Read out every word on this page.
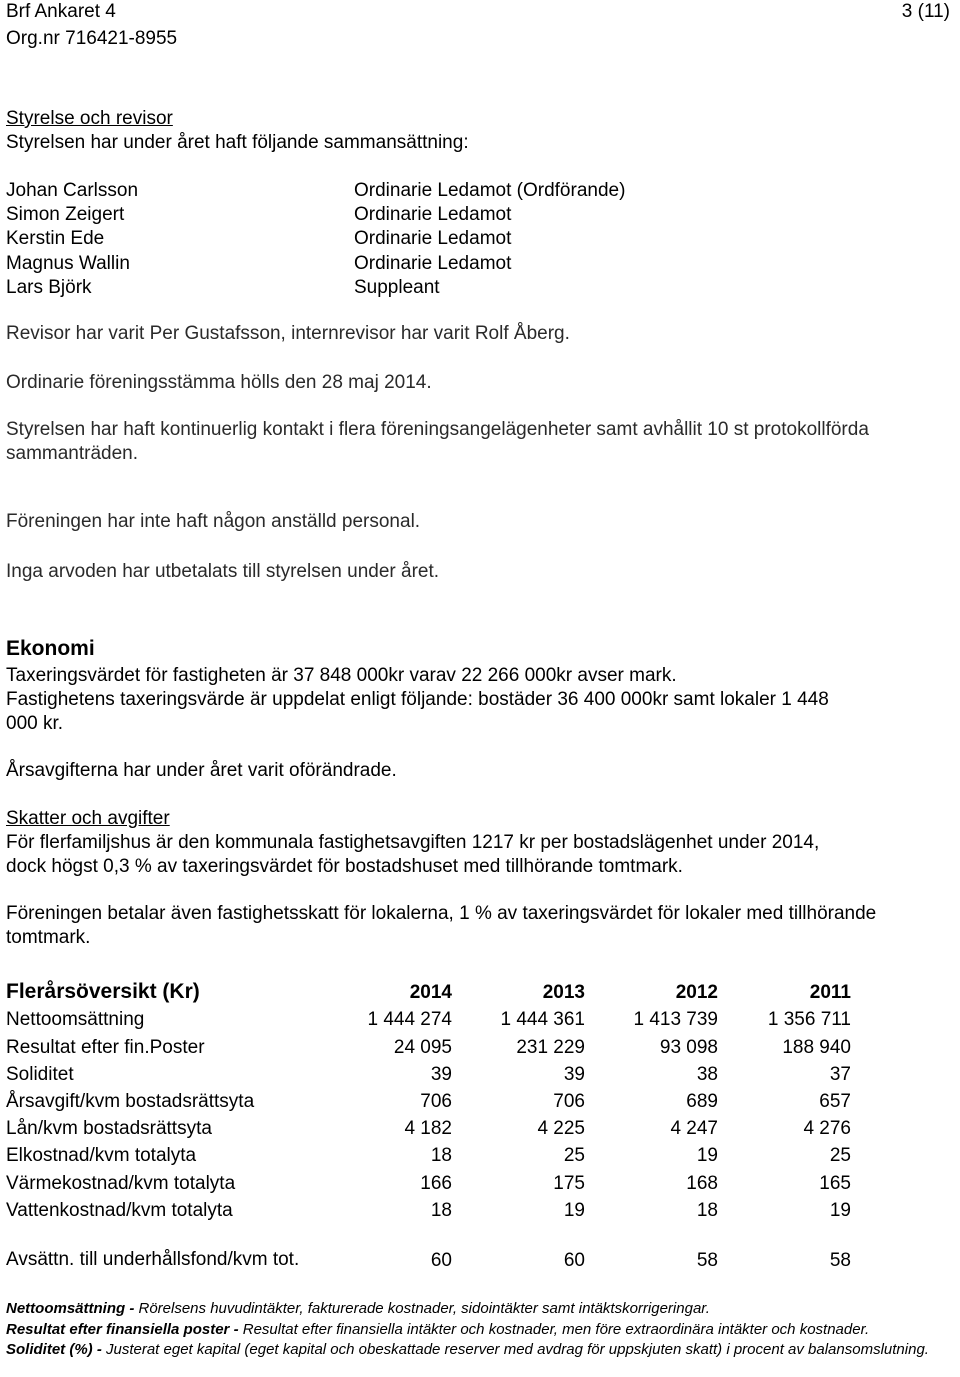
Brf Ankaret 4	3 (11)
Org.nr 716421-8955
Styrelse och revisor
Styrelsen har under året haft följande sammansättning:
Johan Carlsson	Ordinarie Ledamot (Ordförande)
Simon Zeigert	Ordinarie Ledamot
Kerstin Ede	Ordinarie Ledamot
Magnus Wallin	Ordinarie Ledamot
Lars Björk	Suppleant
Revisor har varit Per Gustafsson, internrevisor har varit Rolf Åberg.
Ordinarie föreningsstämma hölls den 28 maj 2014.
Styrelsen har haft kontinuerlig kontakt i flera föreningsangelägenheter samt avhållit 10 st protokollförda sammanträden.
Föreningen har inte haft någon anställd personal.
Inga arvoden har utbetalats till styrelsen under året.
Ekonomi
Taxeringsvärdet för fastigheten är 37 848 000kr varav 22 266 000kr avser mark.
Fastighetens taxeringsvärde är uppdelat enligt följande: bostäder 36 400 000kr samt lokaler 1 448 000 kr.
Årsavgifterna har under året varit oförändrade.
Skatter och avgifter
För flerfamiljshus är den kommunala fastighetsavgiften 1217 kr per bostadslägenhet under 2014, dock högst 0,3 % av taxeringsvärdet för bostadshuset med tillhörande tomtmark.
Föreningen betalar även fastighetsskatt för lokalerna, 1 % av taxeringsvärdet för lokaler med tillhörande tomtmark.
Flerårsöversikt (Kr)	2014	2013	2012	2011
Nettoomsättning	1 444 274	1 444 361	1 413 739	1 356 711
Resultat efter fin.Poster	24 095	231 229	93 098	188 940
Soliditet	39	39	38	37
Årsavgift/kvm bostadsrättsyta	706	706	689	657
Lån/kvm bostadsrättsyta	4 182	4 225	4 247	4 276
Elkostnad/kvm totalyta	18	25	19	25
Värmekostnad/kvm totalyta	166	175	168	165
Vattenkostnad/kvm totalyta	18	19	18	19
Avsättn. till underhållsfond/kvm tot.	60	60	58	58
Nettoomsättning - Rörelsens huvudintäkter, fakturerade kostnader, sidointäkter samt intäktskorrigeringar.
Resultat efter finansiella poster - Resultat efter finansiella intäkter och kostnader, men före extraordinära intäkter och kostnader.
Soliditet (%) - Justerat eget kapital (eget kapital och obeskattade reserver med avdrag för uppskjuten skatt) i procent av balansomslutning.
